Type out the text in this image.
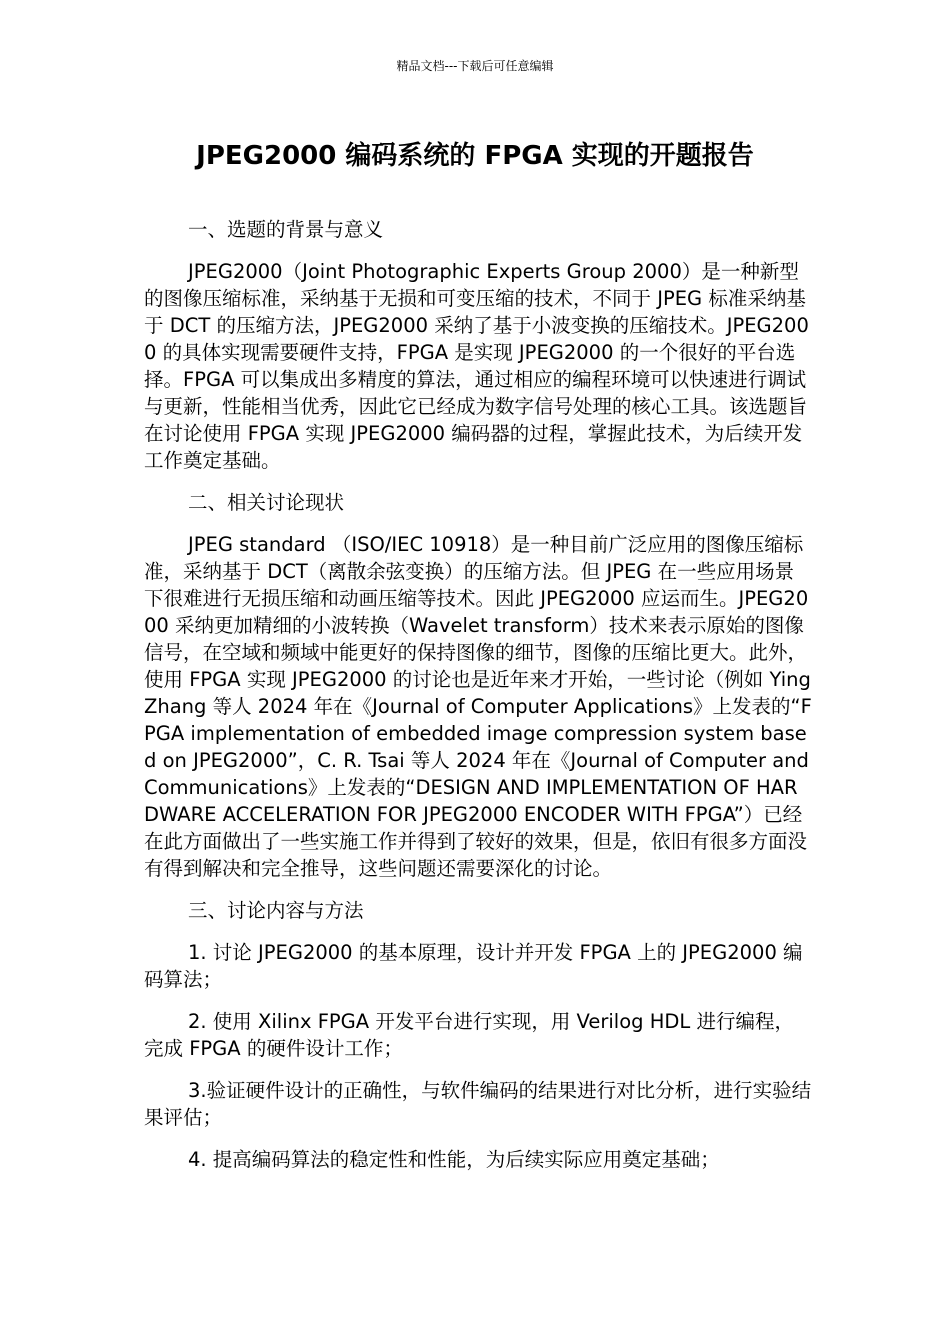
精品文档---下载后可任意编辑
JPEG2000 编码系统的 FPGA 实现的开题报告

一、选题的背景与意义

JPEG2000（Joint Photographic Experts Group 2000）是一种新型的图像压缩标准，采纳基于无损和可变压缩的技术，不同于 JPEG 标准采纳基于 DCT 的压缩方法，JPEG2000 采纳了基于小波变换的压缩技术。JPEG2000 的具体实现需要硬件支持，FPGA 是实现 JPEG2000 的一个很好的平台选择。FPGA 可以集成出多精度的算法，通过相应的编程环境可以快速进行调试与更新，性能相当优秀，因此它已经成为数字信号处理的核心工具。该选题旨在讨论使用 FPGA 实现 JPEG2000 编码器的过程，掌握此技术，为后续开发工作奠定基础。

二、相关讨论现状

JPEG standard （ISO/IEC 10918）是一种目前广泛应用的图像压缩标准，采纳基于 DCT（离散余弦变换）的压缩方法。但 JPEG 在一些应用场景下很难进行无损压缩和动画压缩等技术。因此 JPEG2000 应运而生。JPEG2000 采纳更加精细的小波转换（Wavelet transform）技术来表示原始的图像信号，在空域和频域中能更好的保持图像的细节，图像的压缩比更大。此外，使用 FPGA 实现 JPEG2000 的讨论也是近年来才开始，一些讨论（例如 Ying Zhang 等人 2024 年在《Journal of Computer Applications》上发表的“FPGA implementation of embedded image compression system based on JPEG2000”，C. R. Tsai 等人 2024 年在《Journal of Computer and Communications》上发表的“DESIGN AND IMPLEMENTATION OF HARDWARE ACCELERATION FOR JPEG2000 ENCODER WITH FPGA”）已经在此方面做出了一些实施工作并得到了较好的效果，但是，依旧有很多方面没有得到解决和完全推导，这些问题还需要深化的讨论。

三、讨论内容与方法

1. 讨论 JPEG2000 的基本原理，设计并开发 FPGA 上的 JPEG2000 编码算法；

2. 使用 Xilinx FPGA 开发平台进行实现，用 Verilog HDL 进行编程，完成 FPGA 的硬件设计工作；

3.验证硬件设计的正确性，与软件编码的结果进行对比分析，进行实验结果评估；

4. 提高编码算法的稳定性和性能，为后续实际应用奠定基础；
